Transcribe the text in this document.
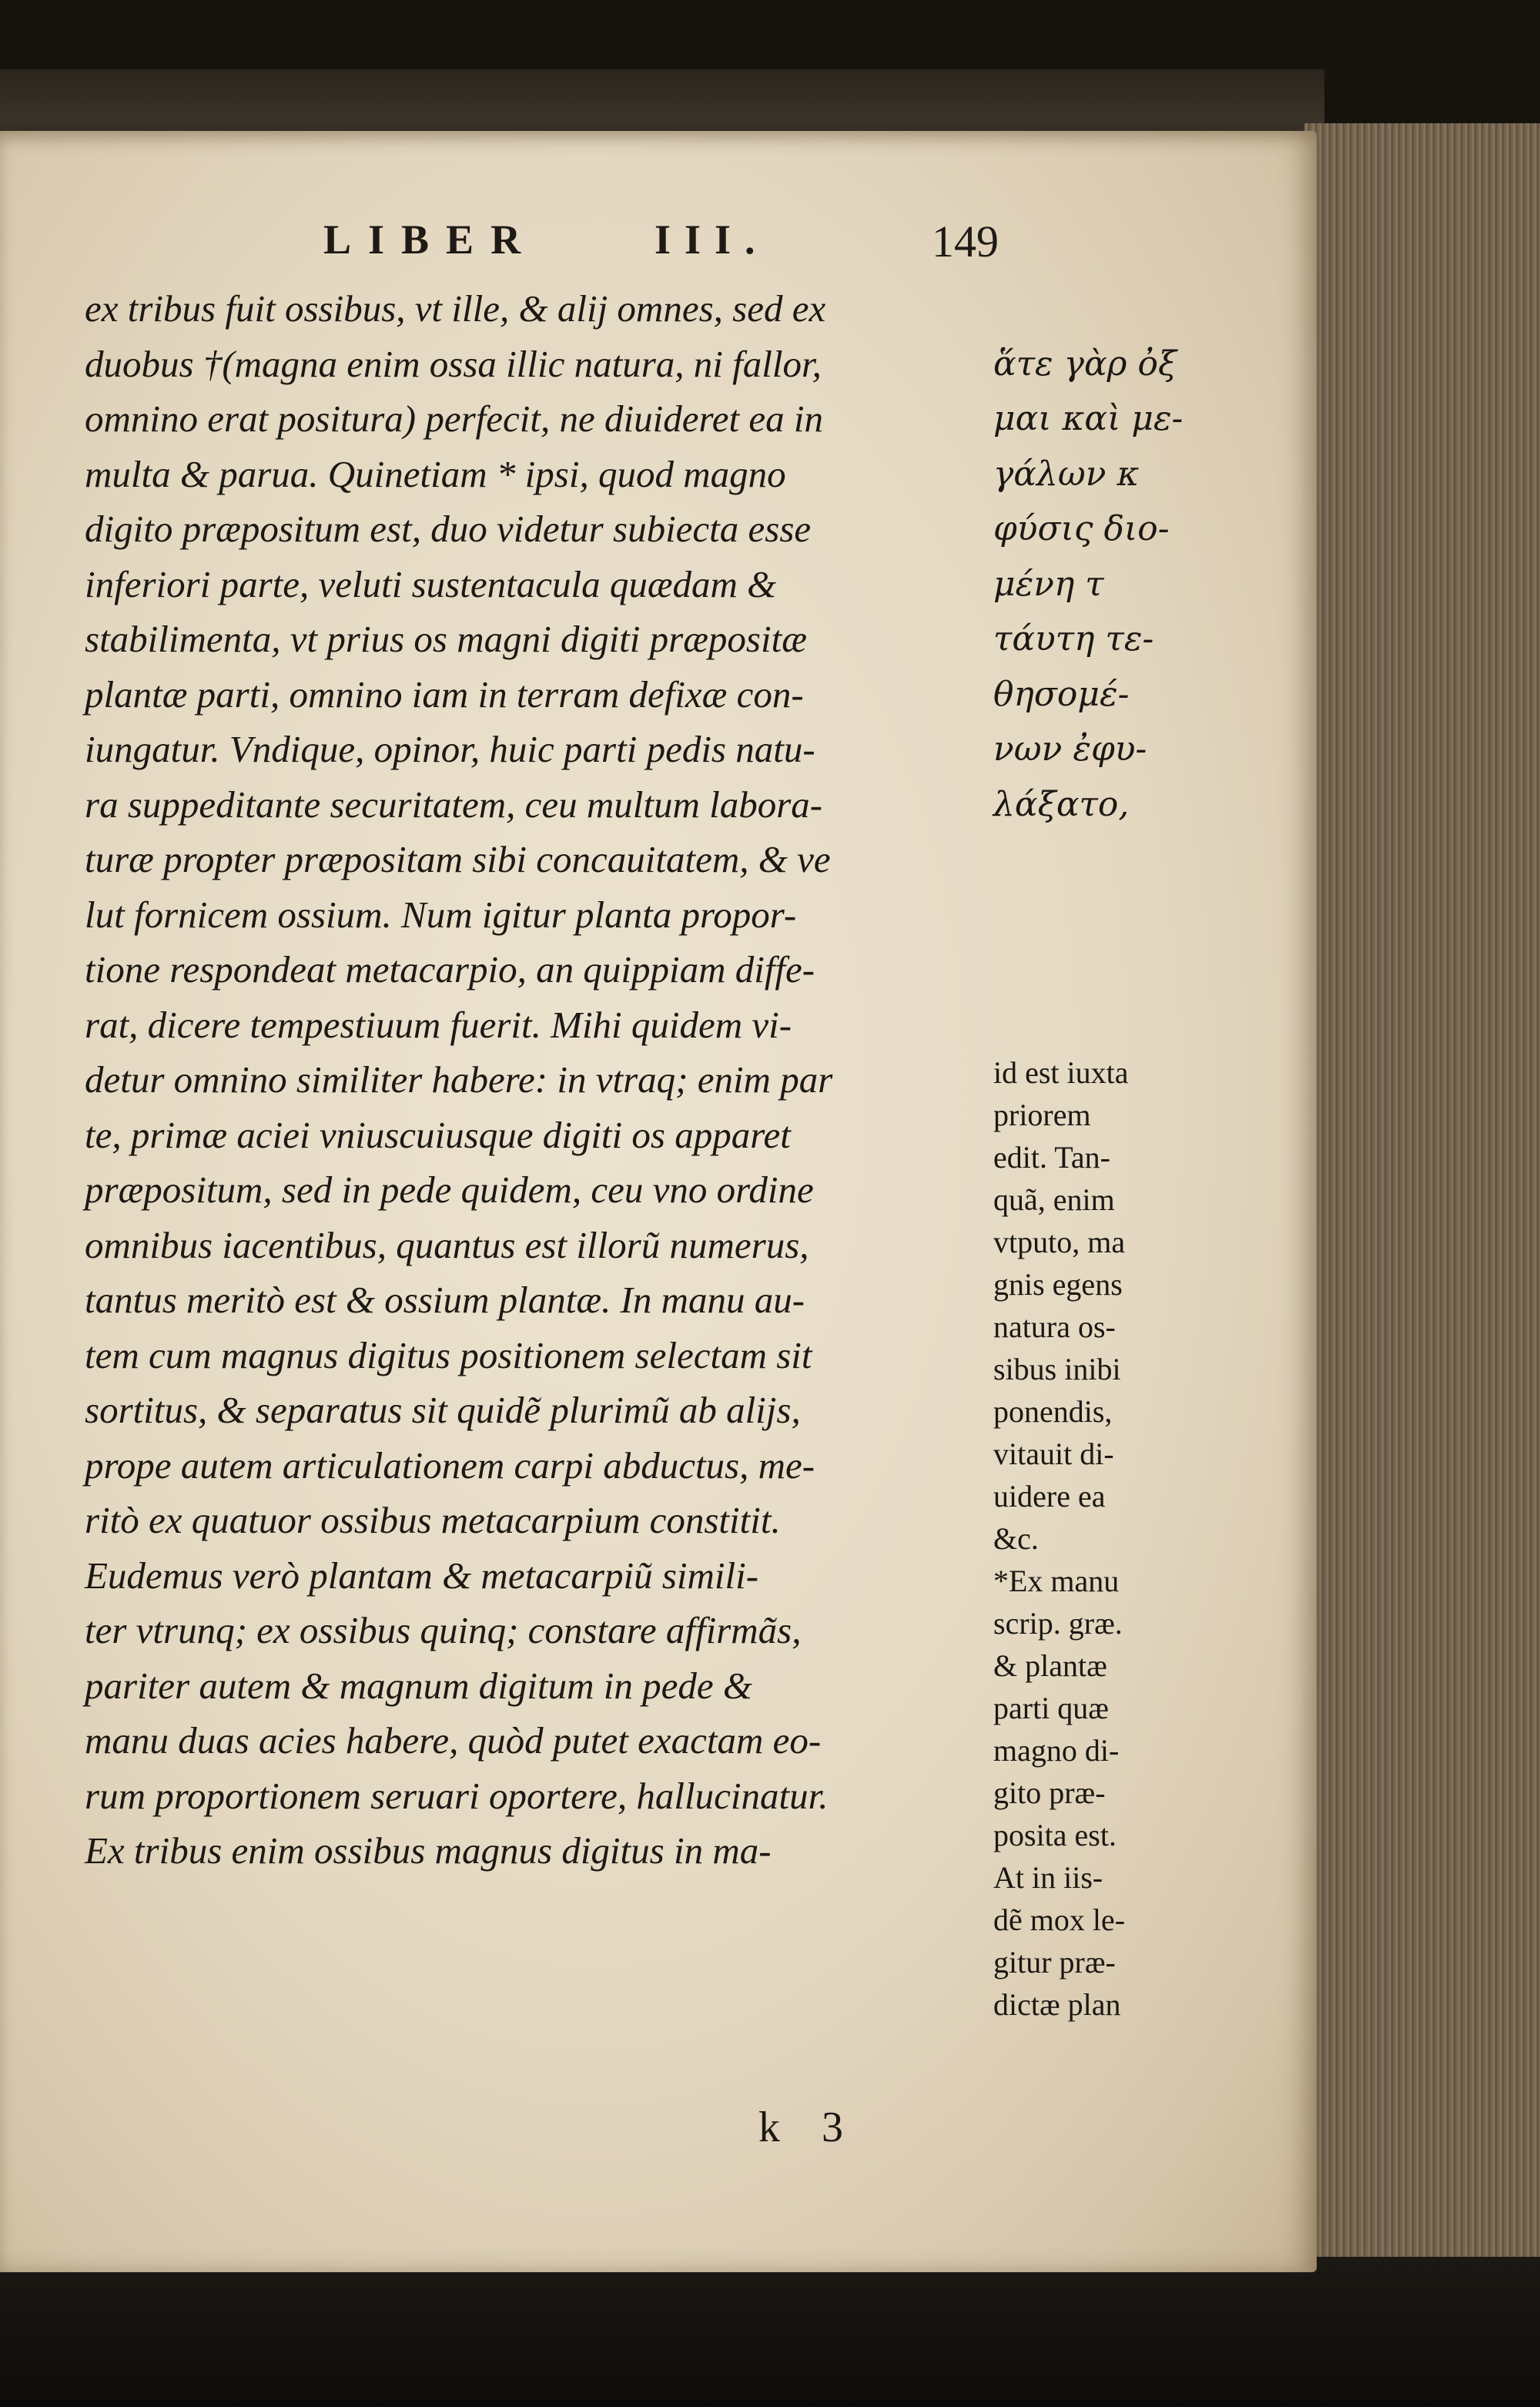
LIBER	III.	149
ex tribus fuit ossibus, vt ille, & alij omnes, sed ex
duobus †(magna enim ossa illic natura, ni fallor,
omnino erat positura) perfecit, ne diuideret ea in
multa & parua. Quinetiam * ipsi, quod magno
digito præpositum est, duo videtur subiecta esse
inferiori parte, veluti sustentacula quædam &
stabilimenta, vt prius os magni digiti præpositæ
plantæ parti, omnino iam in terram defixæ con-
iungatur. Vndique, opinor, huic parti pedis natu-
ra suppeditante securitatem, ceu multum labora-
turæ propter præpositam sibi concauitatem, & ve
lut fornicem ossium. Num igitur planta propor-
tione respondeat metacarpio, an quippiam diffe-
rat, dicere tempestiuum fuerit. Mihi quidem vi-
detur omnino similiter habere: in vtraq; enim par
te, primæ aciei vniuscuiusque digiti os apparet
præpositum, sed in pede quidem, ceu vno ordine
omnibus iacentibus, quantus est illorũ numerus,
tantus meritò est & ossium plantæ. In manu au-
tem cum magnus digitus positionem selectam sit
sortitus, & separatus sit quidẽ plurimũ ab alijs,
prope autem articulationem carpi abductus, me-
ritò ex quatuor ossibus metacarpium constitit.
Eudemus verò plantam & metacarpiũ simili-
ter vtrunq; ex ossibus quinq; constare affirmãs,
pariter autem & magnum digitum in pede &
manu duas acies habere, quòd putet exactam eo-
rum proportionem seruari oportere, hallucinatur.
Ex tribus enim ossibus magnus digitus in ma-
ἅτε γὰρ ὀξ
μαι καὶ με-
γάλων κ
φύσις διο-
μένη τ
τάυτη τε-
θησομέ-
νων ἐφυ-
λάξατο,
id est iuxta
priorem
edit. Tan-
quã, enim
vtputo, ma
gnis egens
natura os-
sibus inibi
ponendis,
vitauit di-
uidere ea
&c.
*Ex manu
scrip. græ.
& plantæ
parti quæ
magno di-
gito præ-
posita est.
At in iis-
dẽ mox le-
gitur præ-
dictæ plan
k 3
